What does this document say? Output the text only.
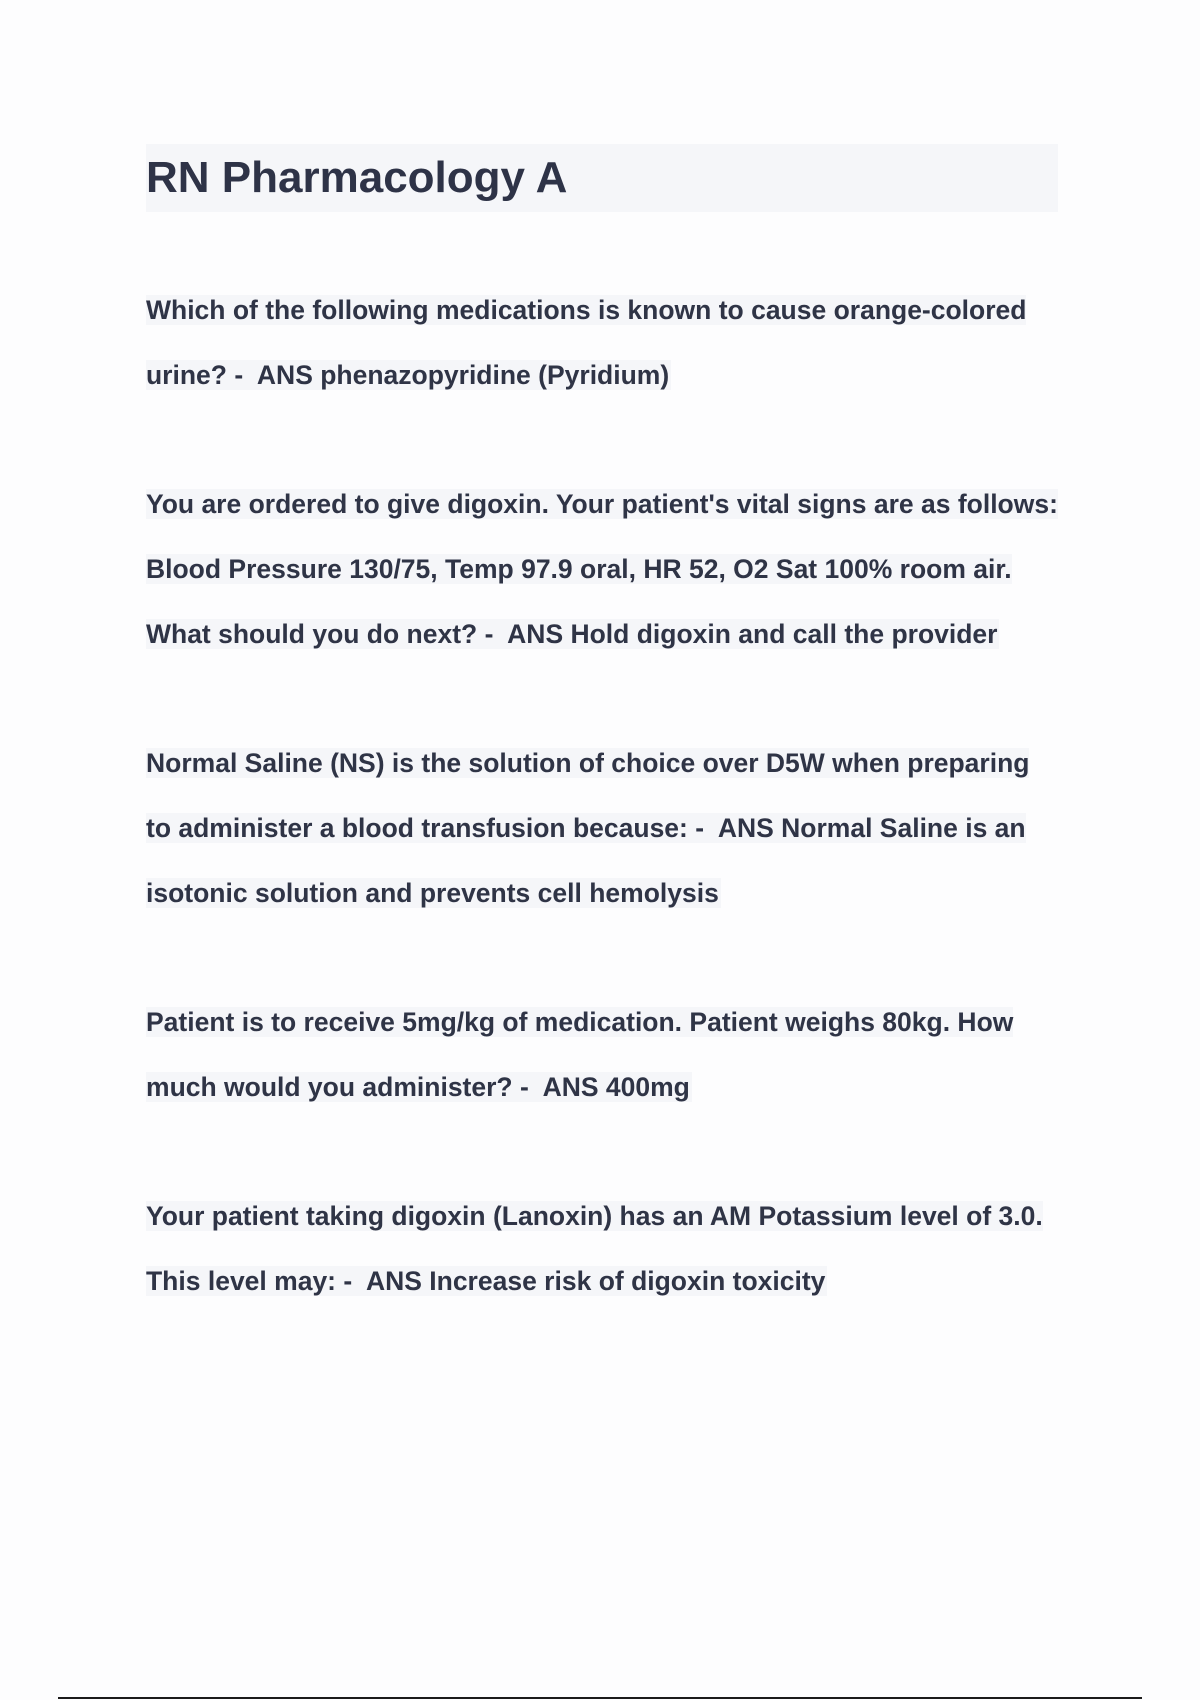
RN Pharmacology A

Which of the following medications is known to cause orange-colored urine? - ANS phenazopyridine (Pyridium)

You are ordered to give digoxin. Your patient's vital signs are as follows: Blood Pressure 130/75, Temp 97.9 oral, HR 52, O2 Sat 100% room air. What should you do next? - ANS Hold digoxin and call the provider

Normal Saline (NS) is the solution of choice over D5W when preparing to administer a blood transfusion because: - ANS Normal Saline is an isotonic solution and prevents cell hemolysis

Patient is to receive 5mg/kg of medication. Patient weighs 80kg. How much would you administer? - ANS 400mg

Your patient taking digoxin (Lanoxin) has an AM Potassium level of 3.0. This level may: - ANS Increase risk of digoxin toxicity
